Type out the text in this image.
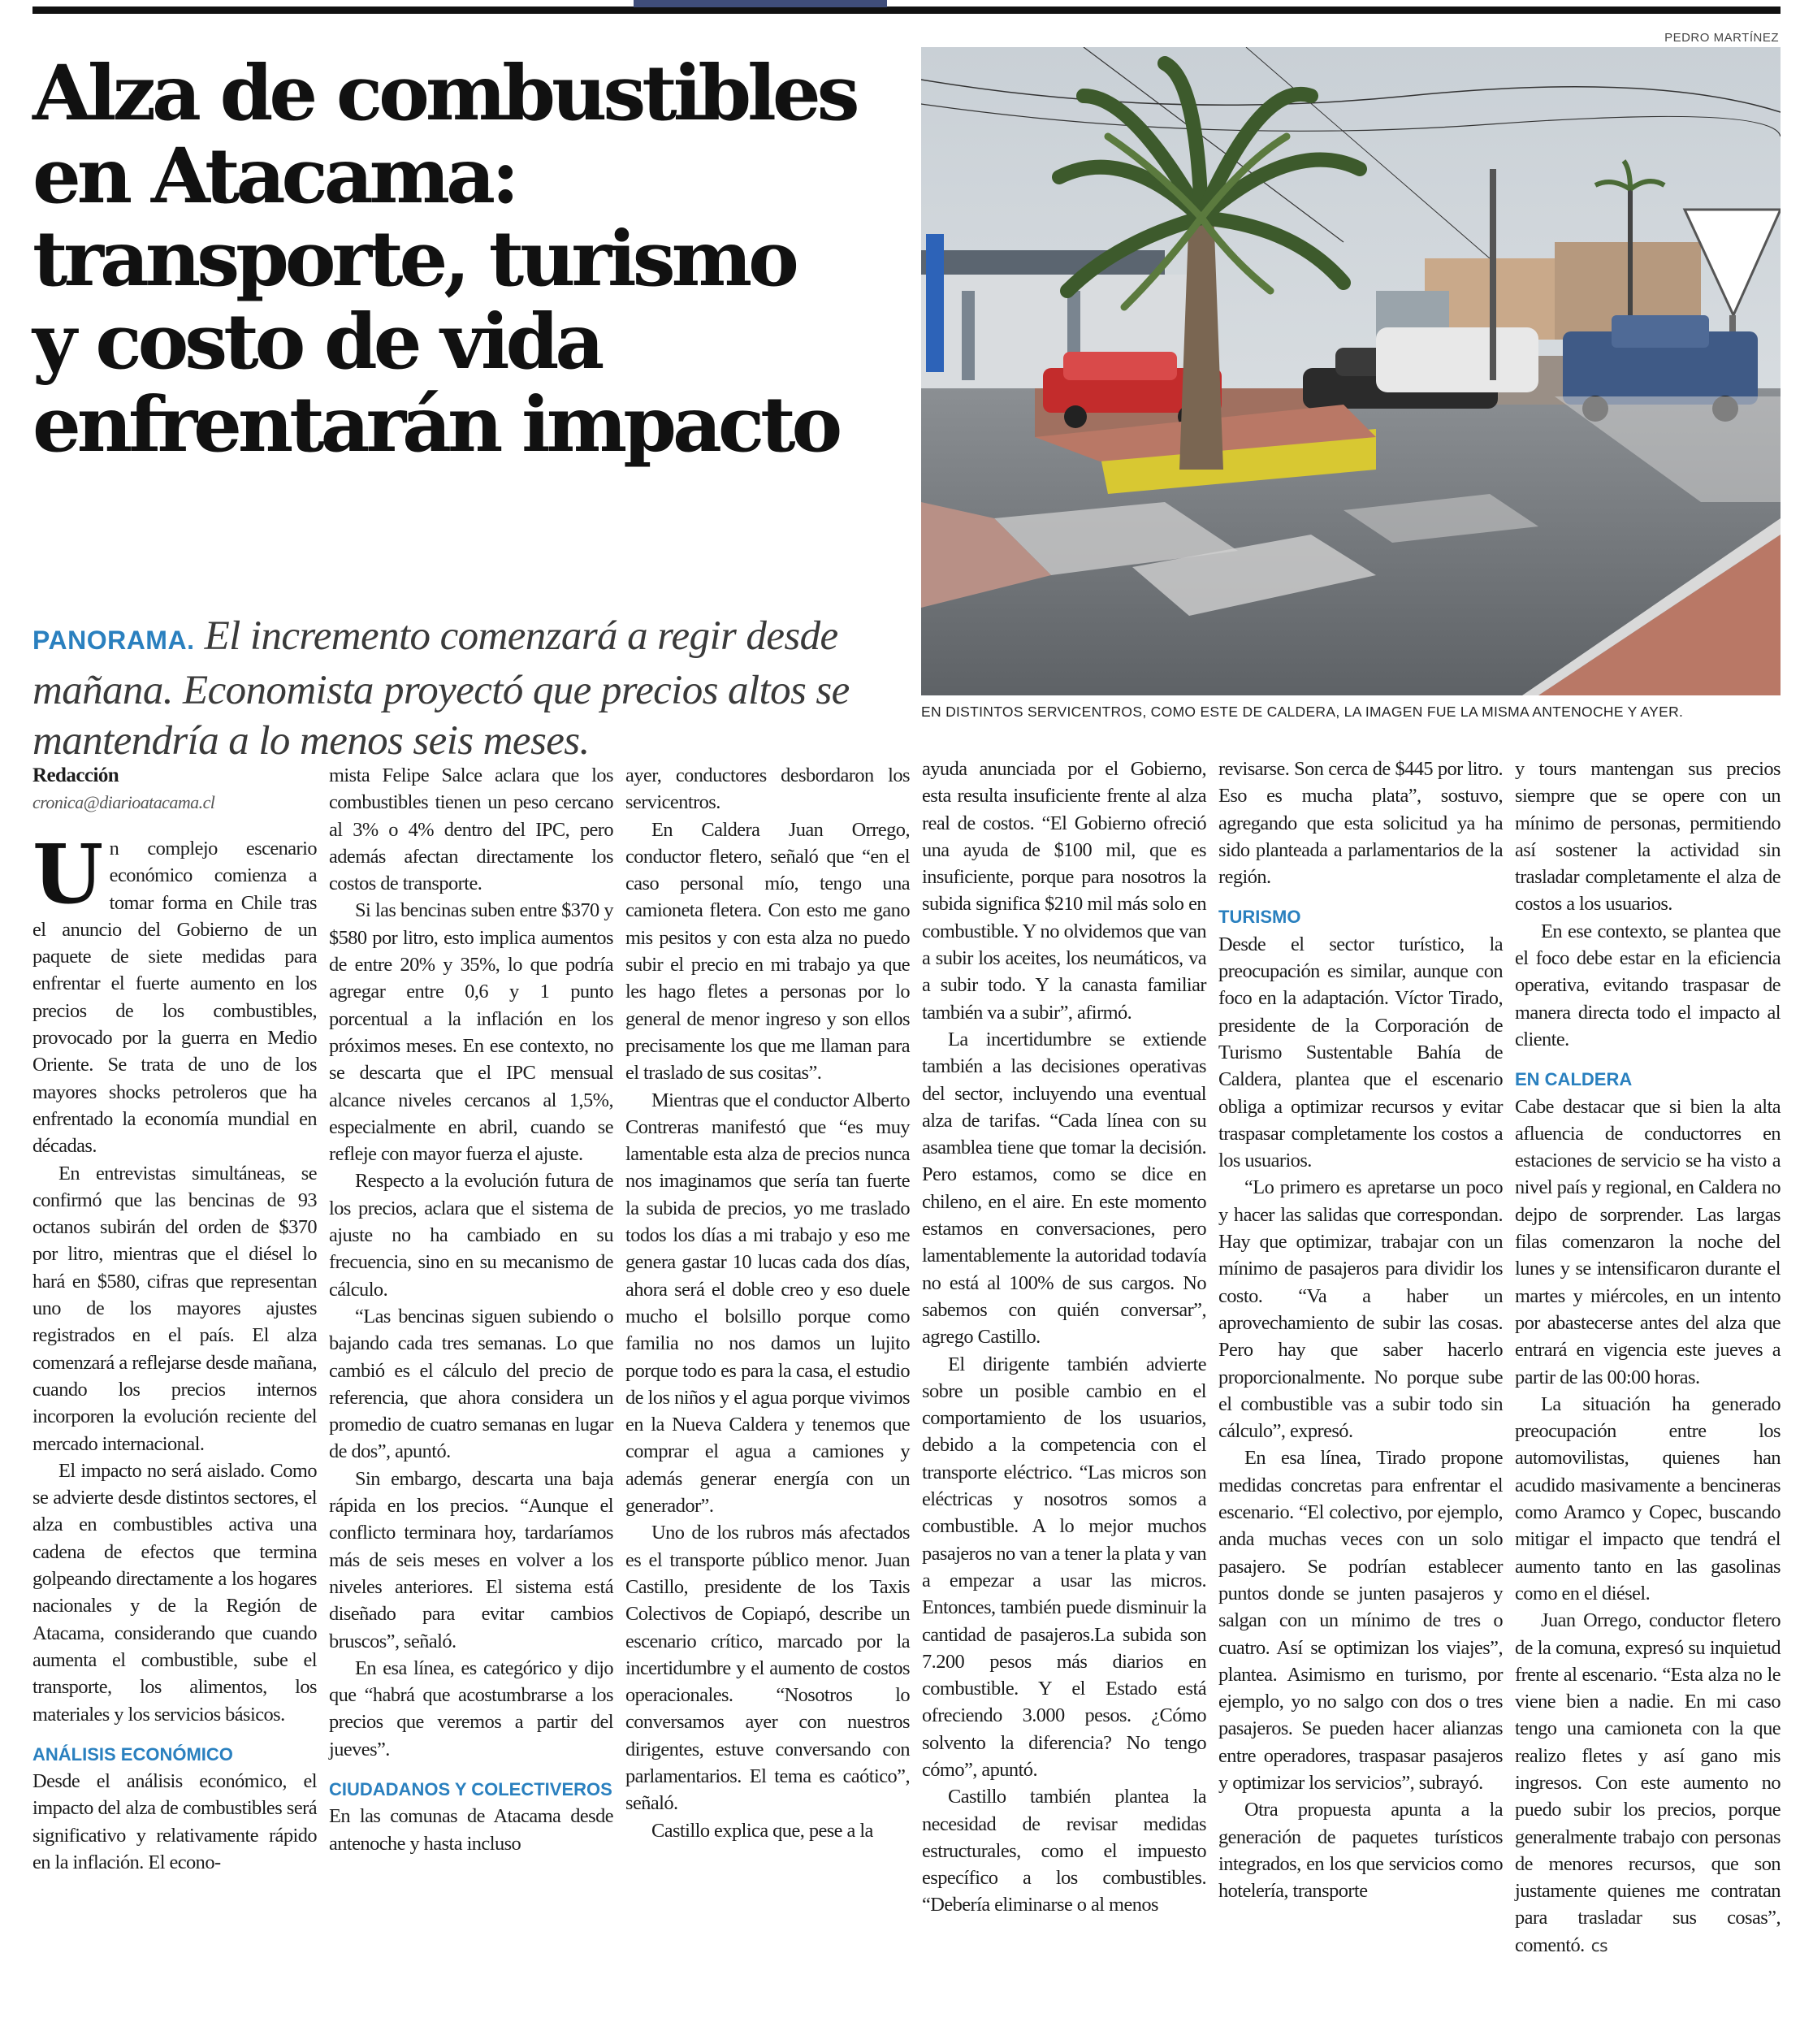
PEDRO MARTÍNEZ
Alza de combustibles
en Atacama:
transporte, turismo
y costo de vida
enfrentarán impacto
PANORAMA. El incremento comenzará a regir desde mañana. Economista proyectó que precios altos se mantendría a lo menos seis meses.
EN DISTINTOS SERVICENTROS, COMO ESTE DE CALDERA, LA IMAGEN FUE LA MISMA ANTENOCHE Y AYER.
Redacción
cronica@diarioatacama.cl

Un complejo escenario económico comienza a tomar forma en Chile tras el anuncio del Gobierno de un paquete de siete medidas para enfrentar el fuerte aumento en los precios de los combustibles, provocado por la guerra en Medio Oriente. Se trata de uno de los mayores shocks petroleros que ha enfrentado la economía mundial en décadas.

En entrevistas simultáneas, se confirmó que las bencinas de 93 octanos subirán del orden de $370 por litro, mientras que el diésel lo hará en $580, cifras que representan uno de los mayores ajustes registrados en el país. El alza comenzará a reflejarse desde mañana, cuando los precios internos incorporen la evolución reciente del mercado internacional.

El impacto no será aislado. Como se advierte desde distintos sectores, el alza en combustibles activa una cadena de efectos que termina golpeando directamente a los hogares nacionales y de la Región de Atacama, considerando que cuando aumenta el combustible, sube el transporte, los alimentos, los materiales y los servicios básicos.

ANÁLISIS ECONÓMICO

Desde el análisis económico, el impacto del alza de combustibles será significativo y relativamente rápido en la inflación. El econo-

mista Felipe Salce aclara que los combustibles tienen un peso cercano al 3% o 4% dentro del IPC, pero además afectan directamente los costos de transporte.

Si las bencinas suben entre $370 y $580 por litro, esto implica aumentos de entre 20% y 35%, lo que podría agregar entre 0,6 y 1 punto porcentual a la inflación en los próximos meses. En ese contexto, no se descarta que el IPC mensual alcance niveles cercanos al 1,5%, especialmente en abril, cuando se refleje con mayor fuerza el ajuste.

Respecto a la evolución futura de los precios, aclara que el sistema de ajuste no ha cambiado en su frecuencia, sino en su mecanismo de cálculo.

“Las bencinas siguen subiendo o bajando cada tres semanas. Lo que cambió es el cálculo del precio de referencia, que ahora considera un promedio de cuatro semanas en lugar de dos”, apuntó.

Sin embargo, descarta una baja rápida en los precios. “Aunque el conflicto terminara hoy, tardaríamos más de seis meses en volver a los niveles anteriores. El sistema está diseñado para evitar cambios bruscos”, señaló.

En esa línea, es categórico y dijo que “habrá que acostumbrarse a los precios que veremos a partir del jueves”.

CIUDADANOS Y COLECTIVEROS

En las comunas de Atacama desde antenoche y hasta incluso

ayer, conductores desbordaron los servicentros.

En Caldera Juan Orrego, conductor fletero, señaló que “en el caso personal mío, tengo una camioneta fletera. Con esto me gano mis pesitos y con esta alza no puedo subir el precio en mi trabajo ya que les hago fletes a personas por lo general de menor ingreso y son ellos precisamente los que me llaman para el traslado de sus cositas”.

Mientras que el conductor Alberto Contreras manifestó que “es muy lamentable esta alza de precios nunca nos imaginamos que sería tan fuerte la subida de precios, yo me traslado todos los días a mi trabajo y eso me genera gastar 10 lucas cada dos días, ahora será el doble creo y eso duele mucho el bolsillo porque como familia no nos damos un lujito porque todo es para la casa, el estudio de los niños y el agua porque vivimos en la Nueva Caldera y tenemos que comprar el agua a camiones y además generar energía con un generador”.

Uno de los rubros más afectados es el transporte público menor. Juan Castillo, presidente de los Taxis Colectivos de Copiapó, describe un escenario crítico, marcado por la incertidumbre y el aumento de costos operacionales. “Nosotros lo conversamos ayer con nuestros dirigentes, estuve conversando con parlamentarios. El tema es caótico”, señaló.

Castillo explica que, pese a la

ayuda anunciada por el Gobierno, esta resulta insuficiente frente al alza real de costos. “El Gobierno ofreció una ayuda de $100 mil, que es insuficiente, porque para nosotros la subida significa $210 mil más solo en combustible. Y no olvidemos que van a subir los aceites, los neumáticos, va a subir todo. Y la canasta familiar también va a subir”, afirmó.

La incertidumbre se extiende también a las decisiones operativas del sector, incluyendo una eventual alza de tarifas. “Cada línea con su asamblea tiene que tomar la decisión. Pero estamos, como se dice en chileno, en el aire. En este momento estamos en conversaciones, pero lamentablemente la autoridad todavía no está al 100% de sus cargos. No sabemos con quién conversar”, agrego Castillo.

El dirigente también advierte sobre un posible cambio en el comportamiento de los usuarios, debido a la competencia con el transporte eléctrico. “Las micros son eléctricas y nosotros somos a combustible. A lo mejor muchos pasajeros no van a tener la plata y van a empezar a usar las micros. Entonces, también puede disminuir la cantidad de pasajeros.La subida son 7.200 pesos más diarios en combustible. Y el Estado está ofreciendo 3.000 pesos. ¿Cómo solvento la diferencia? No tengo cómo”, apuntó.

Castillo también plantea la necesidad de revisar medidas estructurales, como el impuesto específico a los combustibles. “Debería eliminarse o al menos

revisarse. Son cerca de $445 por litro. Eso es mucha plata”, sostuvo, agregando que esta solicitud ya ha sido planteada a parlamentarios de la región.

TURISMO

Desde el sector turístico, la preocupación es similar, aunque con foco en la adaptación. Víctor Tirado, presidente de la Corporación de Turismo Sustentable Bahía de Caldera, plantea que el escenario obliga a optimizar recursos y evitar traspasar completamente los costos a los usuarios.

“Lo primero es apretarse un poco y hacer las salidas que correspondan. Hay que optimizar, trabajar con un mínimo de pasajeros para dividir los costo. “Va a haber un aprovechamiento de subir las cosas. Pero hay que saber hacerlo proporcionalmente. No porque sube el combustible vas a subir todo sin cálculo”, expresó.

En esa línea, Tirado propone medidas concretas para enfrentar el escenario. “El colectivo, por ejemplo, anda muchas veces con un solo pasajero. Se podrían establecer puntos donde se junten pasajeros y salgan con un mínimo de tres o cuatro. Así se optimizan los viajes”, plantea. Asimismo en turismo, por ejemplo, yo no salgo con dos o tres pasajeros. Se pueden hacer alianzas entre operadores, traspasar pasajeros y optimizar los servicios”, subrayó.

Otra propuesta apunta a la generación de paquetes turísticos integrados, en los que servicios como hotelería, transporte

y tours mantengan sus precios siempre que se opere con un mínimo de personas, permitiendo así sostener la actividad sin trasladar completamente el alza de costos a los usuarios.

En ese contexto, se plantea que el foco debe estar en la eficiencia operativa, evitando traspasar de manera directa todo el impacto al cliente.

EN CALDERA

Cabe destacar que si bien la alta afluencia de conductorres en estaciones de servicio se ha visto a nivel país y regional, en Caldera no dejpo de sorprender. Las largas filas comenzaron la noche del lunes y se intensificaron durante el martes y miércoles, en un intento por abastecerse antes del alza que entrará en vigencia este jueves a partir de las 00:00 horas.

La situación ha generado preocupación entre los automovilistas, quienes han acudido masivamente a bencineras como Aramco y Copec, buscando mitigar el impacto que tendrá el aumento tanto en las gasolinas como en el diésel.

Juan Orrego, conductor fletero de la comuna, expresó su inquietud frente al escenario. “Esta alza no le viene bien a nadie. En mi caso tengo una camioneta con la que realizo fletes y así gano mis ingresos. Con este aumento no puedo subir los precios, porque generalmente trabajo con personas de menores recursos, que son justamente quienes me contratan para trasladar sus cosas”, comentó. cs
